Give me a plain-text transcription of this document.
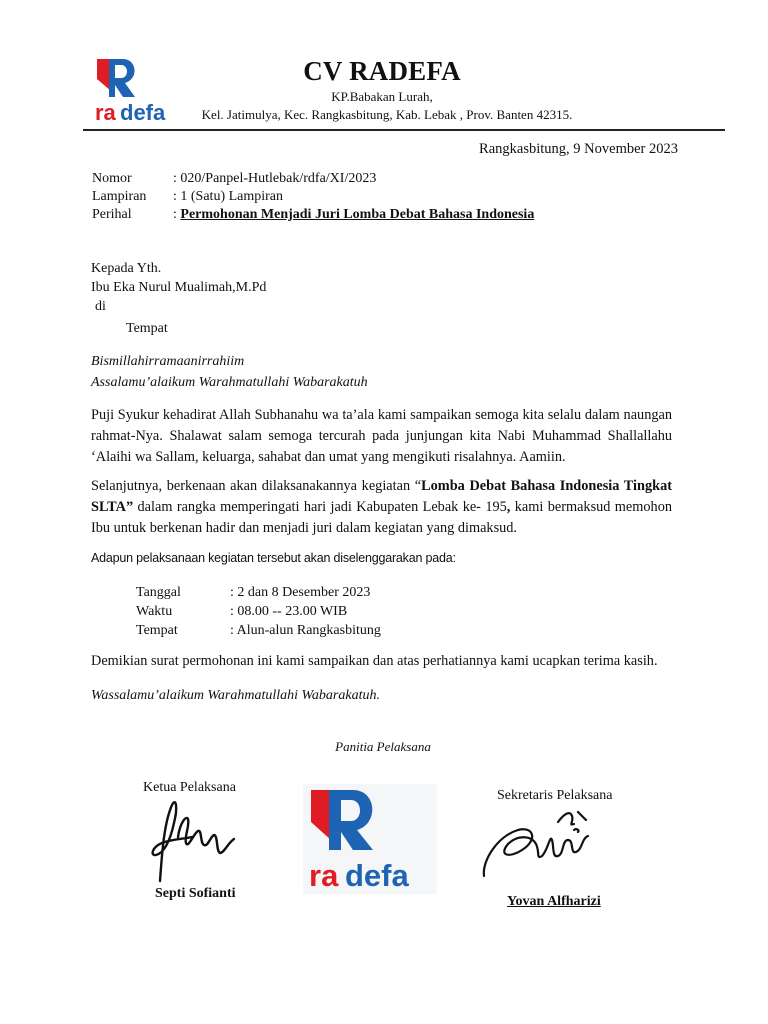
ra defa
CV RADEFA
KP.Babakan Lurah,
Kel. Jatimulya, Kec. Rangkasbitung, Kab. Lebak , Prov. Banten 42315.
Rangkasbitung, 9 November 2023
Nomor	: 020/Panpel-Hutlebak/rdfa/XI/2023
Lampiran	: 1 (Satu) Lampiran
Perihal	: Permohonan Menjadi Juri Lomba Debat Bahasa Indonesia
Kepada Yth.
Ibu Eka Nurul Mualimah,M.Pd
di
Tempat
Bismillahirramaanirrahiim
Assalamu’alaikum Warahmatullahi Wabarakatuh
Puji Syukur kehadirat Allah Subhanahu wa ta’ala kami sampaikan semoga kita selalu dalam naungan rahmat-Nya. Shalawat salam semoga tercurah pada junjungan kita Nabi Muhammad Shallallahu ‘Alaihi wa Sallam, keluarga, sahabat dan umat yang mengikuti risalahnya. Aamiin.
Selanjutnya, berkenaan akan dilaksanakannya kegiatan “Lomba Debat Bahasa Indonesia Tingkat SLTA” dalam rangka memperingati hari jadi Kabupaten Lebak ke- 195, kami bermaksud memohon Ibu untuk berkenan hadir dan menjadi juri dalam kegiatan yang dimaksud.
Adapun pelaksanaan kegiatan tersebut akan diselenggarakan pada:
Tanggal	: 2 dan 8 Desember 2023
Waktu	: 08.00 -- 23.00 WIB
Tempat	: Alun-alun Rangkasbitung
Demikian surat permohonan ini kami sampaikan dan atas perhatiannya kami ucapkan terima kasih.
Wassalamu’alaikum Warahmatullahi Wabarakatuh.
Panitia Pelaksana
Ketua Pelaksana
Septi Sofianti
ra defa
Sekretaris Pelaksana
Yovan Alfharizi
